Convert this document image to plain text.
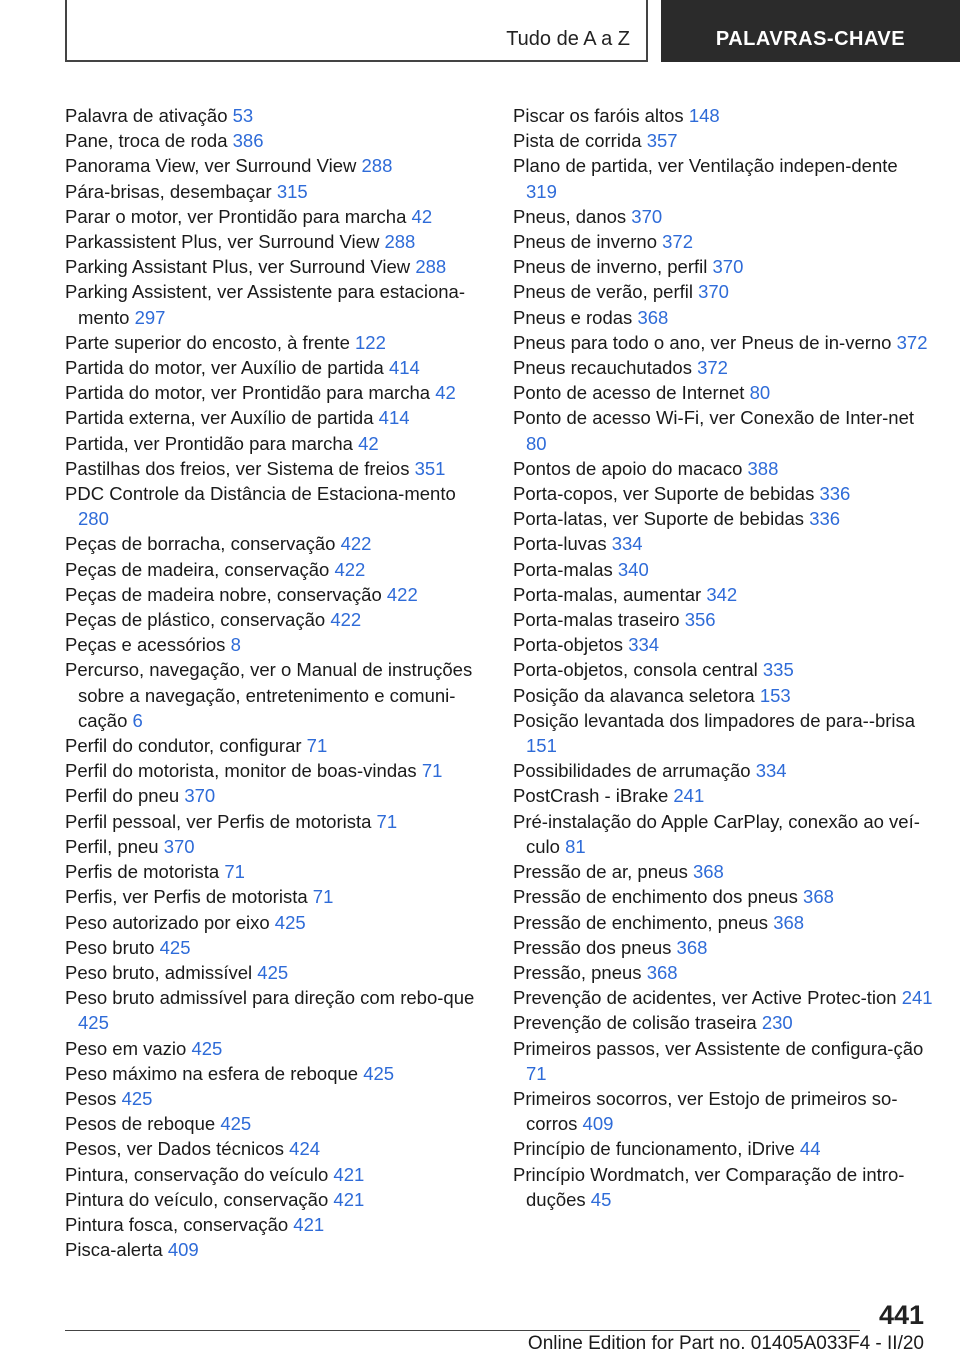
Tudo de A a Z	PALAVRAS-CHAVE
Palavra de ativação 53
Pane, troca de roda 386
Panorama View, ver Surround View 288
Pára-brisas, desembaçar 315
Parar o motor, ver Prontidão para marcha 42
Parkassistent Plus, ver Surround View 288
Parking Assistant Plus, ver Surround View 288
Parking Assistent, ver Assistente para estaciona-mento 297
Parte superior do encosto, à frente 122
Partida do motor, ver Auxílio de partida 414
Partida do motor, ver Prontidão para marcha 42
Partida externa, ver Auxílio de partida 414
Partida, ver Prontidão para marcha 42
Pastilhas dos freios, ver Sistema de freios 351
PDC Controle da Distância de Estaciona-mento 280
Peças de borracha, conservação 422
Peças de madeira, conservação 422
Peças de madeira nobre, conservação 422
Peças de plástico, conservação 422
Peças e acessórios 8
Percurso, navegação, ver o Manual de instruções sobre a navegação, entretenimento e comuni-cação 6
Perfil do condutor, configurar 71
Perfil do motorista, monitor de boas-vindas 71
Perfil do pneu 370
Perfil pessoal, ver Perfis de motorista 71
Perfil, pneu 370
Perfis de motorista 71
Perfis, ver Perfis de motorista 71
Peso autorizado por eixo 425
Peso bruto 425
Peso bruto, admissível 425
Peso bruto admissível para direção com rebo-que 425
Peso em vazio 425
Peso máximo na esfera de reboque 425
Pesos 425
Pesos de reboque 425
Pesos, ver Dados técnicos 424
Pintura, conservação do veículo 421
Pintura do veículo, conservação 421
Pintura fosca, conservação 421
Pisca-alerta 409
Piscar os faróis altos 148
Pista de corrida 357
Plano de partida, ver Ventilação indepen-dente 319
Pneus, danos 370
Pneus de inverno 372
Pneus de inverno, perfil 370
Pneus de verão, perfil 370
Pneus e rodas 368
Pneus para todo o ano, ver Pneus de in-verno 372
Pneus recauchutados 372
Ponto de acesso de Internet 80
Ponto de acesso Wi-Fi, ver Conexão de Inter-net 80
Pontos de apoio do macaco 388
Porta-copos, ver Suporte de bebidas 336
Porta-latas, ver Suporte de bebidas 336
Porta-luvas 334
Porta-malas 340
Porta-malas, aumentar 342
Porta-malas traseiro 356
Porta-objetos 334
Porta-objetos, consola central 335
Posição da alavanca seletora 153
Posição levantada dos limpadores de para--brisa 151
Possibilidades de arrumação 334
PostCrash - iBrake 241
Pré-instalação do Apple CarPlay, conexão ao veí-culo 81
Pressão de ar, pneus 368
Pressão de enchimento dos pneus 368
Pressão de enchimento, pneus 368
Pressão dos pneus 368
Pressão, pneus 368
Prevenção de acidentes, ver Active Protec-tion 241
Prevenção de colisão traseira 230
Primeiros passos, ver Assistente de configura-ção 71
Primeiros socorros, ver Estojo de primeiros so-corros 409
Princípio de funcionamento, iDrive 44
Princípio Wordmatch, ver Comparação de intro-duções 45
441
Online Edition for Part no. 01405A033F4 - II/20
